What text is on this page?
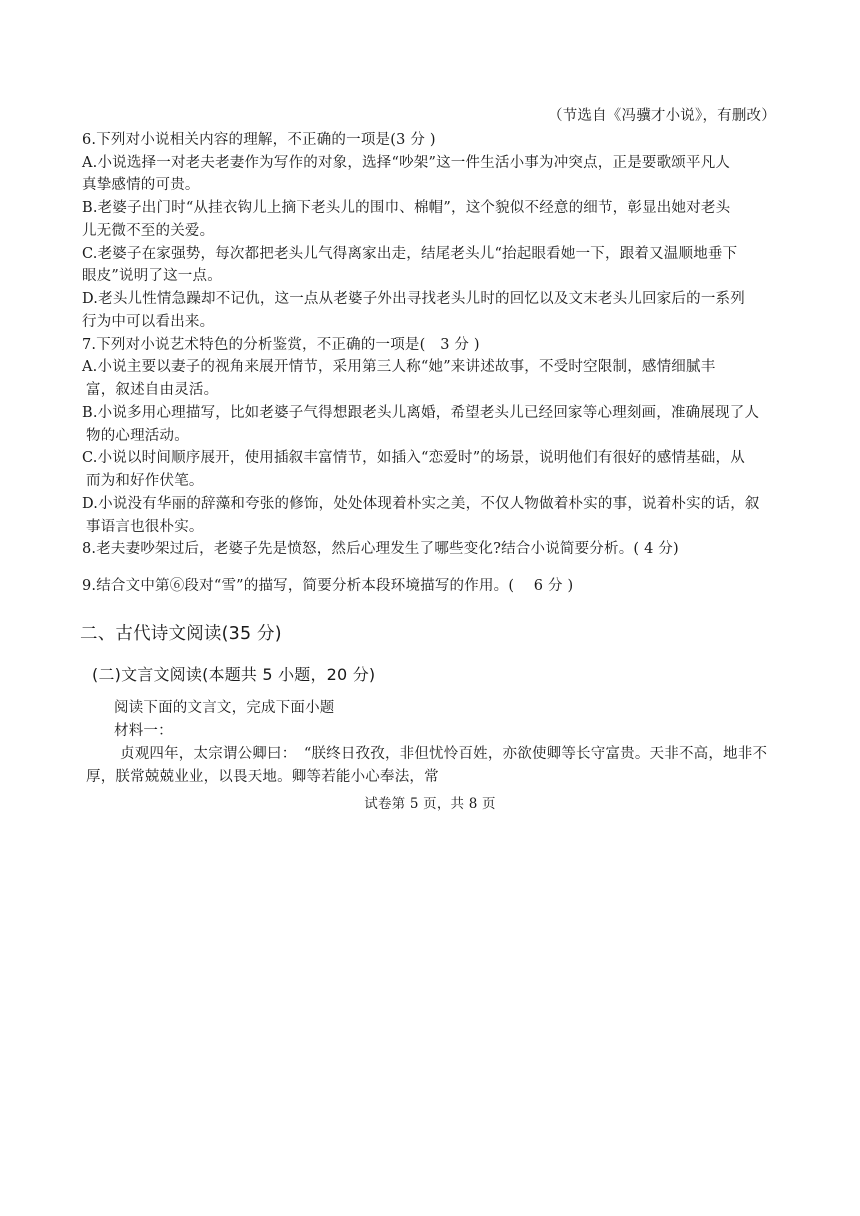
（节选自《冯骥才小说》，有删改）
6.下列对小说相关内容的理解，不正确的一项是(3 分 )
A.小说选择一对老夫老妻作为写作的对象，选择“吵架”这一件生活小事为冲突点，正是要歌颂平凡人
真挚感情的可贵。
B.老婆子出门时“从挂衣钩儿上摘下老头儿的围巾、棉帽”，这个貌似不经意的细节，彰显出她对老头
儿无微不至的关爱。
C.老婆子在家强势，每次都把老头儿气得离家出走，结尾老头儿“抬起眼看她一下，跟着又温顺地垂下
眼皮”说明了这一点。
D.老头儿性情急躁却不记仇，这一点从老婆子外出寻找老头儿时的回忆以及文末老头儿回家后的一系列
行为中可以看出来。
7.下列对小说艺术特色的分析鉴赏，不正确的一项是(　3 分 )
A.小说主要以妻子的视角来展开情节，采用第三人称“她”来讲述故事，不受时空限制，感情细腻丰
富，叙述自由灵活。
B.小说多用心理描写，比如老婆子气得想跟老头儿离婚，希望老头儿已经回家等心理刻画，准确展现了人
物的心理活动。
C.小说以时间顺序展开，使用插叙丰富情节，如插入“恋爱时”的场景，说明他们有很好的感情基础，从
而为和好作伏笔。
D.小说没有华丽的辞藻和夸张的修饰，处处体现着朴实之美，不仅人物做着朴实的事，说着朴实的话，叙
事语言也很朴实。
8.老夫妻吵架过后，老婆子先是愤怒，然后心理发生了哪些变化?结合小说简要分析。( 4 分)
9.结合文中第⑥段对“雪”的描写，简要分析本段环境描写的作用。(　 6 分 )
二、古代诗文阅读(35 分)
(二)文言文阅读(本题共 5 小题，20 分)
阅读下面的文言文，完成下面小题
材料一：
贞观四年，太宗谓公卿曰：　“朕终日孜孜，非但忧怜百姓，亦欲使卿等长守富贵。天非不高，地非不
厚，朕常兢兢业业，以畏天地。卿等若能小心奉法，常
试卷第 5 页，共 8 页
